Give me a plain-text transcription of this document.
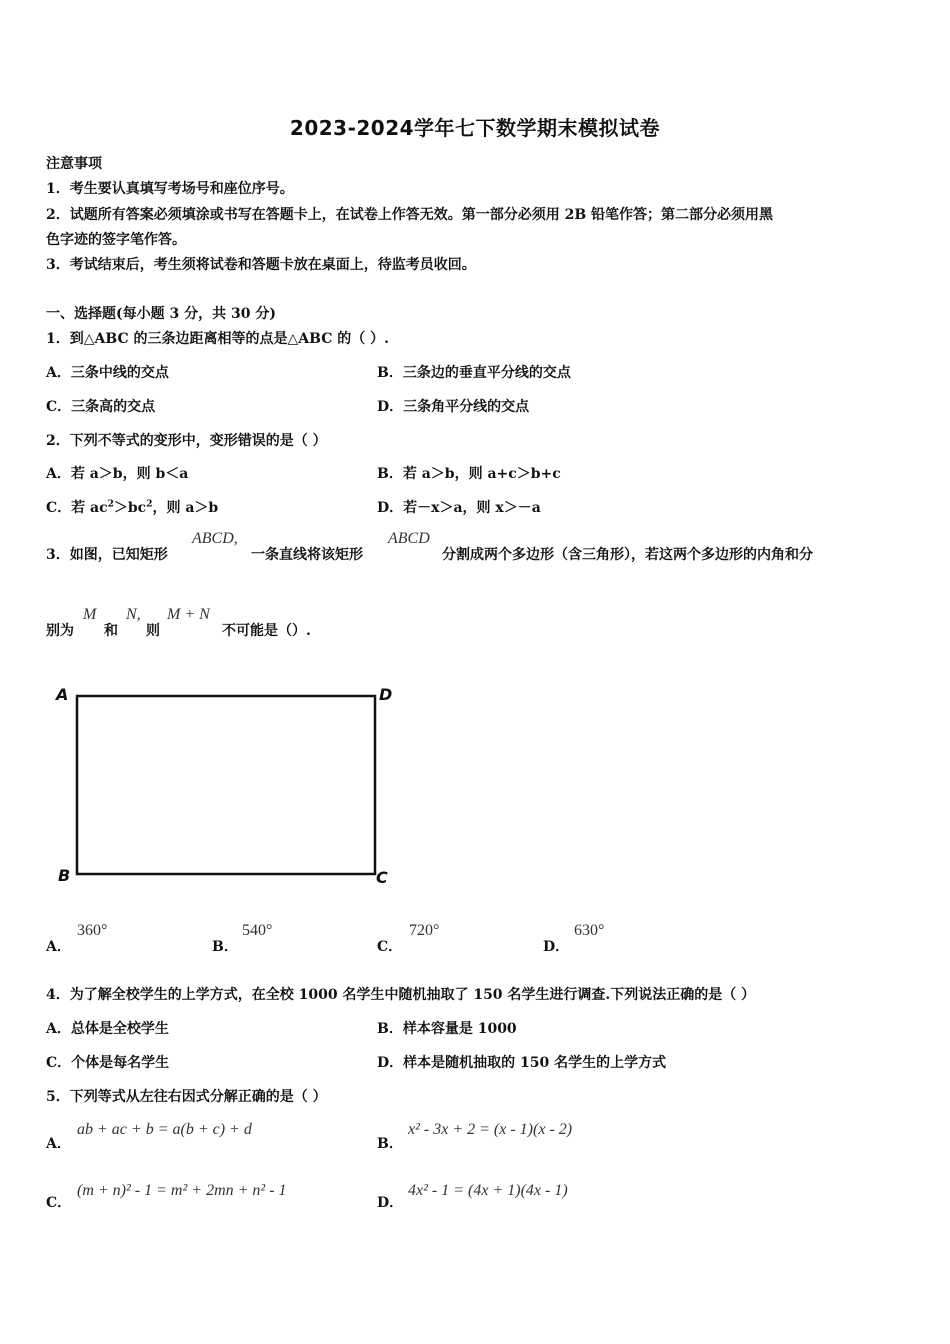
2023-2024学年七下数学期末模拟试卷
注意事项
1．考生要认真填写考场号和座位序号。
2．试题所有答案必须填涂或书写在答题卡上，在试卷上作答无效。第一部分必须用 2B 铅笔作答；第二部分必须用黑
色字迹的签字笔作答。
3．考试结束后，考生须将试卷和答题卡放在桌面上，待监考员收回。
一、选择题(每小题 3 分，共 30 分)
1．到△ABC 的三条边距离相等的点是△ABC 的（ ）.
A．三条中线的交点	B．三条边的垂直平分线的交点
C．三条高的交点	D．三条角平分线的交点
2．下列不等式的变形中，变形错误的是（ ）
A．若 a＞b，则 b＜a	B．若 a＞b，则 a+c＞b+c
C．若 $ac^2>bc^2$，则 a＞b	D．若－x＞a，则 x＞－a
3．如图，已知矩形
ABCD,
一条直线将该矩形
ABCD
分割成两个多边形（含三角形），若这两个多边形的内角和分
别为
M
和
N,
则
M + N
不可能是（）.
A	D
B	C
A．
360°
B．
540°
C．
720°
D．
630°
4．为了解全校学生的上学方式，在全校 1000 名学生中随机抽取了 150 名学生进行调查.下列说法正确的是（ ）
A．总体是全校学生	B．样本容量是 1000
C．个体是每名学生	D．样本是随机抽取的 150 名学生的上学方式
5．下列等式从左往右因式分解正确的是（ ）
A．
ab + ac + b = a(b + c) + d
B．
x² - 3x + 2 = (x - 1)(x - 2)
C．
(m + n)² - 1 = m² + 2mn + n² - 1
D．
4x² - 1 = (4x + 1)(4x - 1)
